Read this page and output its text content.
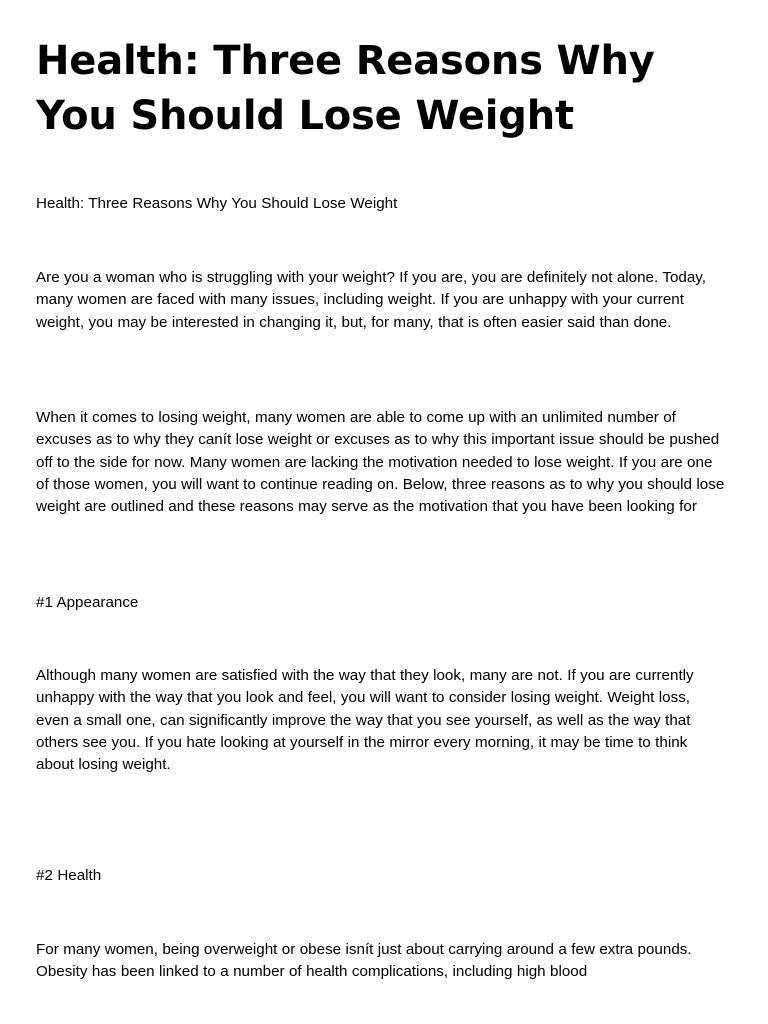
Health: Three Reasons Why You Should Lose Weight

Health: Three Reasons Why You Should Lose Weight

Are you a woman who is struggling with your weight? If you are, you are definitely not alone. Today, many women are faced with many issues, including weight. If you are unhappy with your current weight, you may be interested in changing it, but, for many, that is often easier said than done.

When it comes to losing weight, many women are able to come up with an unlimited number of excuses as to why they canít lose weight or excuses as to why this important issue should be pushed off to the side for now. Many women are lacking the motivation needed to lose weight. If you are one of those women, you will want to continue reading on. Below, three reasons as to why you should lose weight are outlined and these reasons may serve as the motivation that you have been looking for

#1 Appearance

Although many women are satisfied with the way that they look, many are not. If you are currently unhappy with the way that you look and feel, you will want to consider losing weight. Weight loss, even a small one, can significantly improve the way that you see yourself, as well as the way that others see you. If you hate looking at yourself in the mirror every morning, it may be time to think about losing weight.

#2 Health

For many women, being overweight or obese isnít just about carrying around a few extra pounds. Obesity has been linked to a number of health complications, including high blood
